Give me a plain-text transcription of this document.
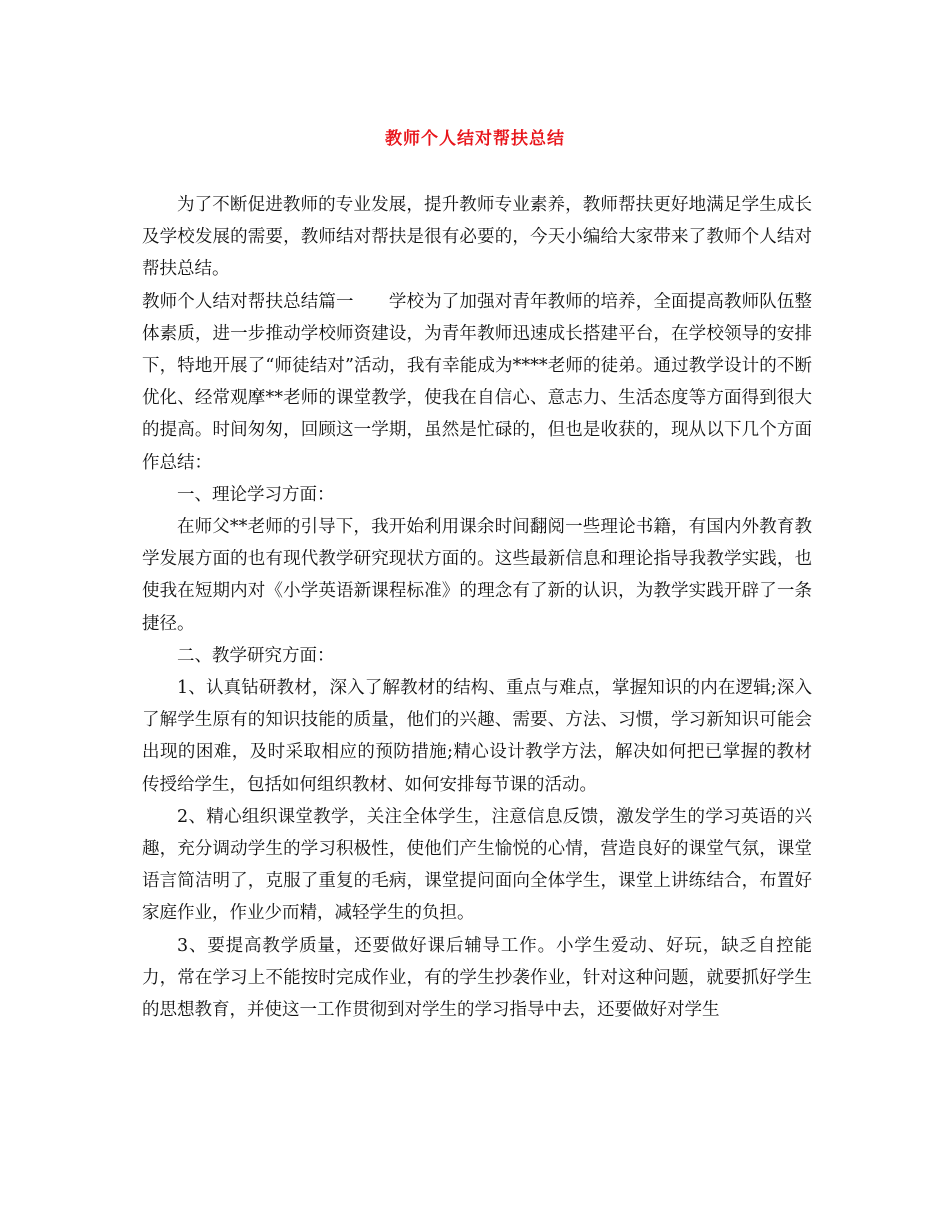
教师个人结对帮扶总结

为了不断促进教师的专业发展，提升教师专业素养，教师帮扶更好地满足学生成长及学校发展的需要，教师结对帮扶是很有必要的，今天小编给大家带来了教师个人结对帮扶总结。

教师个人结对帮扶总结篇一　　学校为了加强对青年教师的培养，全面提高教师队伍整体素质，进一步推动学校师资建设，为青年教师迅速成长搭建平台，在学校领导的安排下，特地开展了“师徒结对”活动，我有幸能成为****老师的徒弟。通过教学设计的不断优化、经常观摩**老师的课堂教学，使我在自信心、意志力、生活态度等方面得到很大的提高。时间匆匆，回顾这一学期，虽然是忙碌的，但也是收获的，现从以下几个方面作总结：

一、理论学习方面：

在师父**老师的引导下，我开始利用课余时间翻阅一些理论书籍，有国内外教育教学发展方面的也有现代教学研究现状方面的。这些最新信息和理论指导我教学实践，也使我在短期内对《小学英语新课程标准》的理念有了新的认识，为教学实践开辟了一条捷径。

二、教学研究方面：

1、认真钻研教材，深入了解教材的结构、重点与难点，掌握知识的内在逻辑;深入了解学生原有的知识技能的质量，他们的兴趣、需要、方法、习惯，学习新知识可能会出现的困难，及时采取相应的预防措施;精心设计教学方法，解决如何把已掌握的教材传授给学生，包括如何组织教材、如何安排每节课的活动。

2、精心组织课堂教学，关注全体学生，注意信息反馈，激发学生的学习英语的兴趣，充分调动学生的学习积极性，使他们产生愉悦的心情，营造良好的课堂气氛，课堂语言简洁明了，克服了重复的毛病，课堂提问面向全体学生，课堂上讲练结合，布置好家庭作业，作业少而精，减轻学生的负担。

3、要提高教学质量，还要做好课后辅导工作。小学生爱动、好玩，缺乏自控能力，常在学习上不能按时完成作业，有的学生抄袭作业，针对这种问题，就要抓好学生的思想教育，并使这一工作贯彻到对学生的学习指导中去，还要做好对学生
